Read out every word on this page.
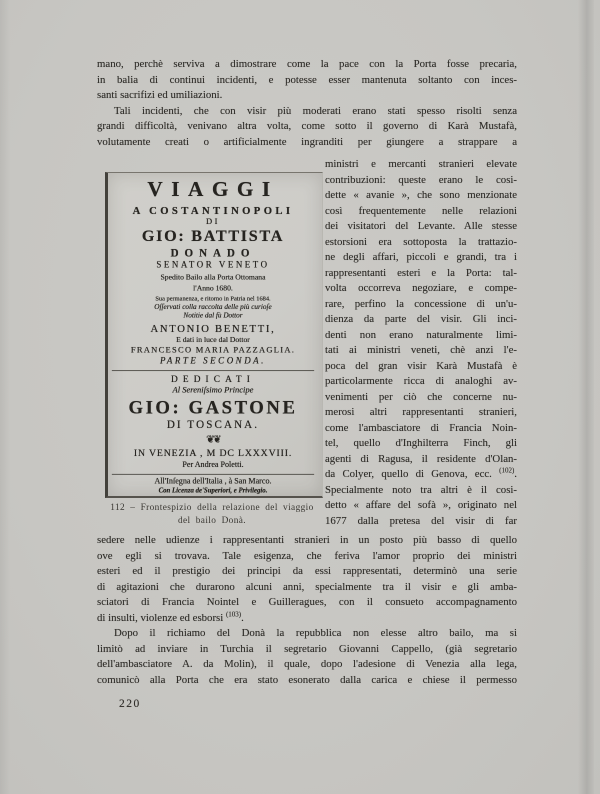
mano, perchè serviva a dimostrare come la pace con la Porta fosse precaria,
in balia di continui incidenti, e potesse esser mantenuta soltanto con inces-
santi sacrifizi ed umiliazioni.
Tali incidenti, che con visir più moderati erano stati spesso risolti senza
grandi difficoltà, venivano altra volta, come sotto il governo di Karà Mustafà,
volutamente creati o artificialmente ingranditi per giungere a strappare a
VIAGGI
A COSTANTINOPOLI
DI
GIO: BATTISTA
DONADO
SENATOR VENETO
Spedito Bailo alla Porta Ottomana
l'Anno 1680.
Sua permanenza, e ritorno in Patria nel 1684.
Oſſervati colla raccolta delle più curioſe
Notitie dal fù Dottor
ANTONIO BENETTI,
E dati in luce dal Dottor
FRANCESCO MARIA PAZZAGLIA.
PARTE SECONDA.
DEDICATI
Al Sereniſsimo Principe
GIO: GASTONE
DI TOSCANA.
❦❦
IN VENEZIA , M DC LXXXVIII.
Per Andrea Poletti.
All'Inſegna dell'Italia , à San Marco.
Con Licenza de'Superiori, e Privilegio.
ministri e mercanti stranieri elevate
contribuzioni: queste erano le cosi-
dette « avanie », che sono menzionate
così frequentemente nelle relazioni
dei visitatori del Levante. Alle stesse
estorsioni era sottoposta la trattazio-
ne degli affari, piccoli e grandi, tra i
rappresentanti esteri e la Porta: tal-
volta occorreva negoziare, e compe-
rare, perfino la concessione di un'u-
dienza da parte del visir. Gli inci-
denti non erano naturalmente limi-
tati ai ministri veneti, chè anzi l'e-
poca del gran visir Karà Mustafà è
particolarmente ricca di analoghi av-
venimenti per ciò che concerne nu-
merosi altri rappresentanti stranieri,
come l'ambasciatore di Francia Noin-
tel, quello d'Inghilterra Finch, gli
agenti di Ragusa, il residente d'Olan-
da Colyer, quello di Genova, ecc. $^{(102)}$.
Specialmente noto tra altri è il cosi-
detto « affare del sofà », originato nel
1677 dalla pretesa del visir di far
112 – Frontespizio della relazione del viaggio
del bailo Donà.
sedere nelle udienze i rappresentanti stranieri in un posto più basso di quello
ove egli si trovava. Tale esigenza, che feriva l'amor proprio dei ministri
esteri ed il prestigio dei principi da essi rappresentati, determinò una serie
di agitazioni che durarono alcuni anni, specialmente tra il visir e gli amba-
sciatori di Francia Nointel e Guilleragues, con il consueto accompagnamento
di insulti, violenze ed esborsi $^{(103)}$.
Dopo il richiamo del Donà la repubblica non elesse altro bailo, ma si
limitò ad inviare in Turchia il segretario Giovanni Cappello, (già segretario
dell'ambasciatore A. da Molin), il quale, dopo l'adesione di Venezia alla lega,
comunicò alla Porta che era stato esonerato dalla carica e chiese il permesso
220
